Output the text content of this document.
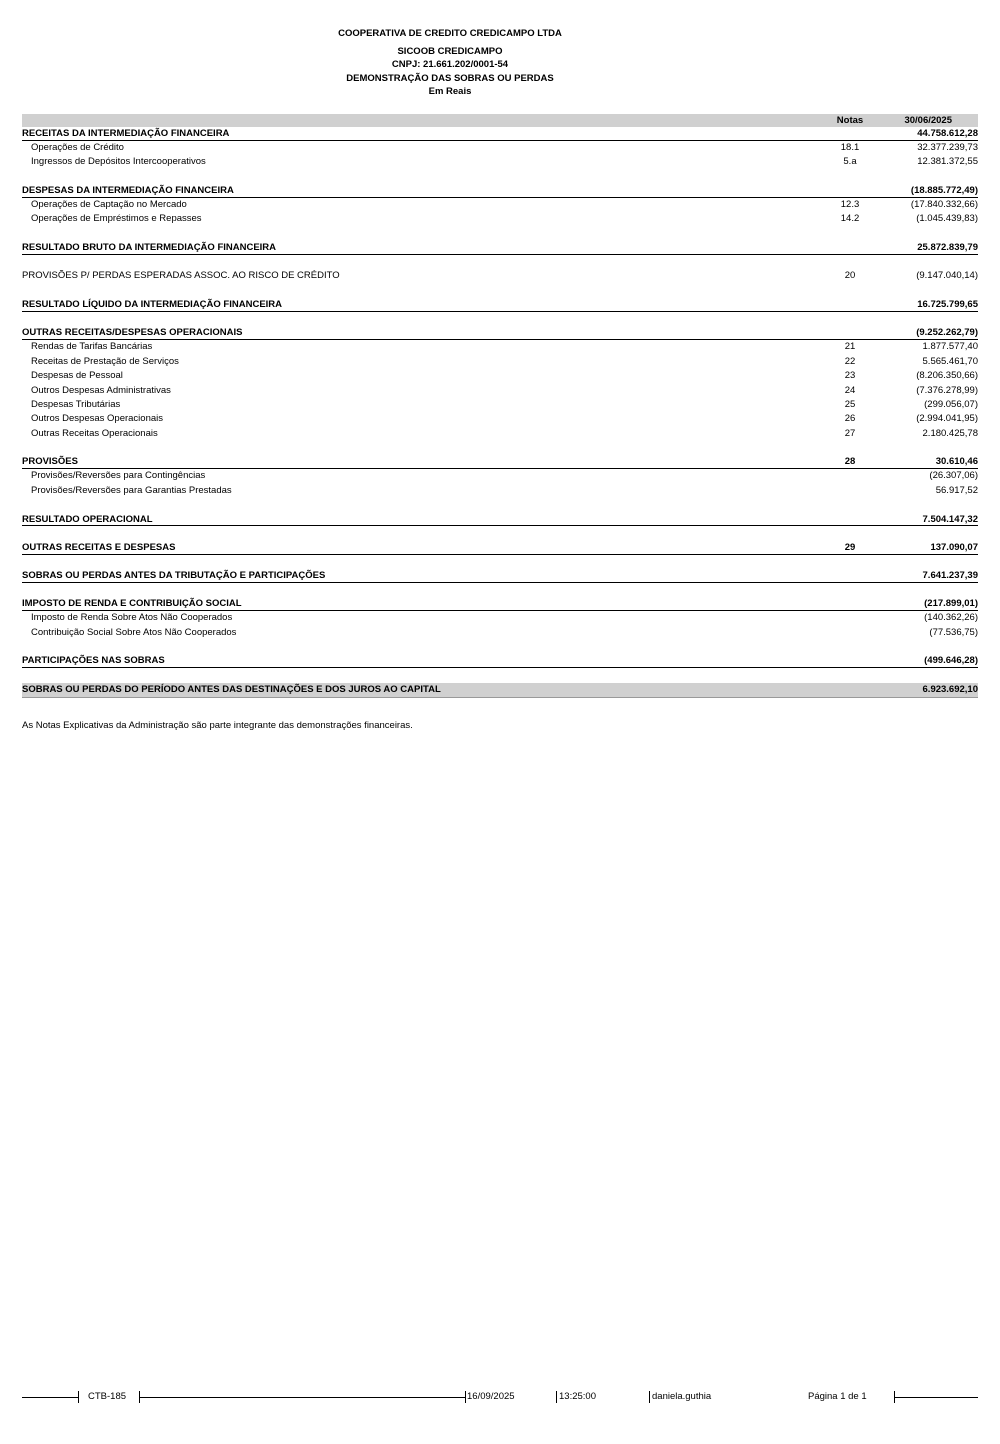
COOPERATIVA DE CREDITO CREDICAMPO LTDA
SICOOB CREDICAMPO
CNPJ: 21.661.202/0001-54
DEMONSTRAÇÃO DAS SOBRAS OU PERDAS
Em Reais
Notas	30/06/2025
RECEITAS DA INTERMEDIAÇÃO FINANCEIRA	44.758.612,28
Operações de Crédito	18.1	32.377.239,73
Ingressos de Depósitos Intercooperativos	5.a	12.381.372,55
DESPESAS DA INTERMEDIAÇÃO FINANCEIRA	(18.885.772,49)
Operações de Captação no Mercado	12.3	(17.840.332,66)
Operações de Empréstimos e Repasses	14.2	(1.045.439,83)
RESULTADO BRUTO DA INTERMEDIAÇÃO FINANCEIRA	25.872.839,79
PROVISÕES P/ PERDAS ESPERADAS ASSOC. AO RISCO DE CRÉDITO	20	(9.147.040,14)
RESULTADO LÍQUIDO DA INTERMEDIAÇÃO FINANCEIRA	16.725.799,65
OUTRAS RECEITAS/DESPESAS OPERACIONAIS	(9.252.262,79)
Rendas de Tarifas Bancárias	21	1.877.577,40
Receitas de Prestação de Serviços	22	5.565.461,70
Despesas de Pessoal	23	(8.206.350,66)
Outros Despesas Administrativas	24	(7.376.278,99)
Despesas Tributárias	25	(299.056,07)
Outros Despesas Operacionais	26	(2.994.041,95)
Outras Receitas Operacionais	27	2.180.425,78
PROVISÕES	28	30.610,46
Provisões/Reversões para Contingências	(26.307,06)
Provisões/Reversões para Garantias Prestadas	56.917,52
RESULTADO OPERACIONAL	7.504.147,32
OUTRAS RECEITAS E DESPESAS	29	137.090,07
SOBRAS OU PERDAS ANTES DA TRIBUTAÇÃO E PARTICIPAÇÕES	7.641.237,39
IMPOSTO DE RENDA E CONTRIBUIÇÃO SOCIAL	(217.899,01)
Imposto de Renda Sobre Atos Não Cooperados	(140.362,26)
Contribuição Social Sobre Atos Não Cooperados	(77.536,75)
PARTICIPAÇÕES NAS SOBRAS	(499.646,28)
SOBRAS OU PERDAS DO PERÍODO ANTES DAS DESTINAÇÕES E DOS JUROS AO CAPITAL	6.923.692,10
As Notas Explicativas da Administração são parte integrante das demonstrações financeiras.
CTB-185	16/09/2025	13:25:00	daniela.guthia	Página 1 de 1
